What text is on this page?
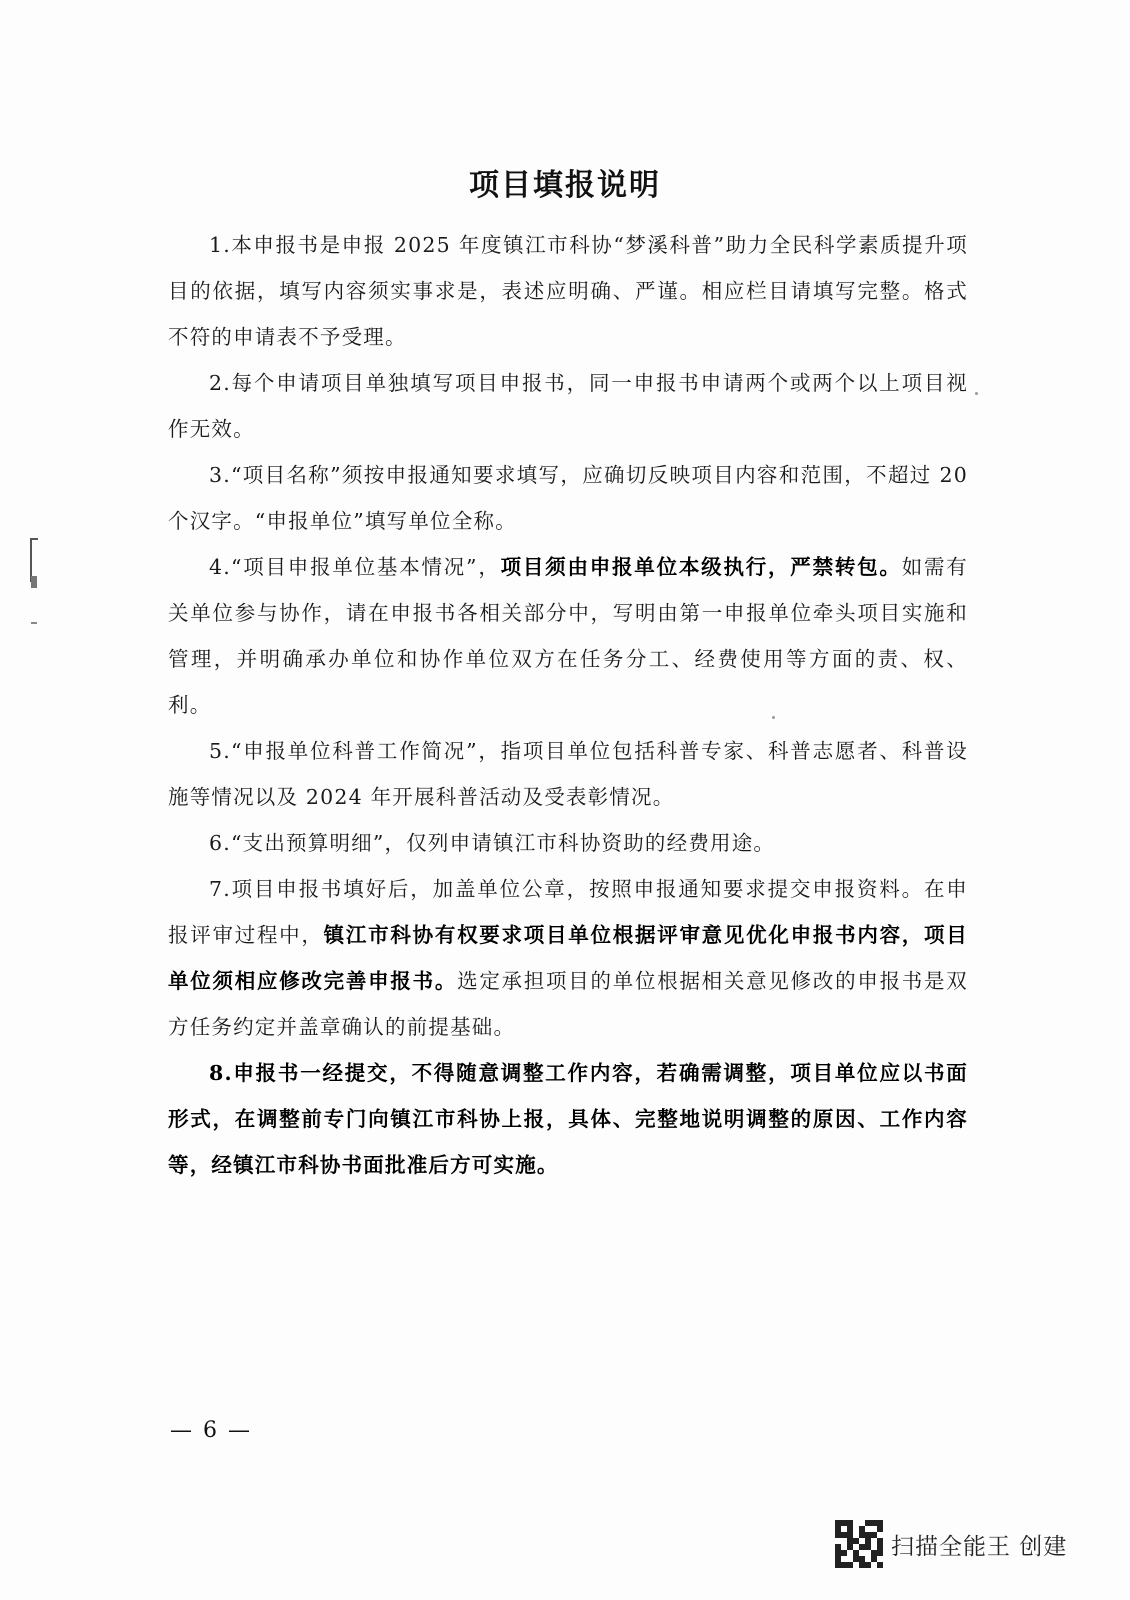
项目填报说明

1.本申报书是申报 2025 年度镇江市科协“梦溪科普”助力全民科学素质提升项目的依据，填写内容须实事求是，表述应明确、严谨。相应栏目请填写完整。格式不符的申请表不予受理。

2.每个申请项目单独填写项目申报书，同一申报书申请两个或两个以上项目视作无效。

3.“项目名称”须按申报通知要求填写，应确切反映项目内容和范围，不超过 20 个汉字。“申报单位”填写单位全称。

4.“项目申报单位基本情况”，项目须由申报单位本级执行，严禁转包。如需有关单位参与协作，请在申报书各相关部分中，写明由第一申报单位牵头项目实施和管理，并明确承办单位和协作单位双方在任务分工、经费使用等方面的责、权、利。

5.“申报单位科普工作简况”，指项目单位包括科普专家、科普志愿者、科普设施等情况以及 2024 年开展科普活动及受表彰情况。

6.“支出预算明细”，仅列申请镇江市科协资助的经费用途。

7.项目申报书填好后，加盖单位公章，按照申报通知要求提交申报资料。在申报评审过程中，镇江市科协有权要求项目单位根据评审意见优化申报书内容，项目单位须相应修改完善申报书。选定承担项目的单位根据相关意见修改的申报书是双方任务约定并盖章确认的前提基础。

8.申报书一经提交，不得随意调整工作内容，若确需调整，项目单位应以书面形式，在调整前专门向镇江市科协上报，具体、完整地说明调整的原因、工作内容等，经镇江市科协书面批准后方可实施。

— 6 —
扫描全能王 创建
